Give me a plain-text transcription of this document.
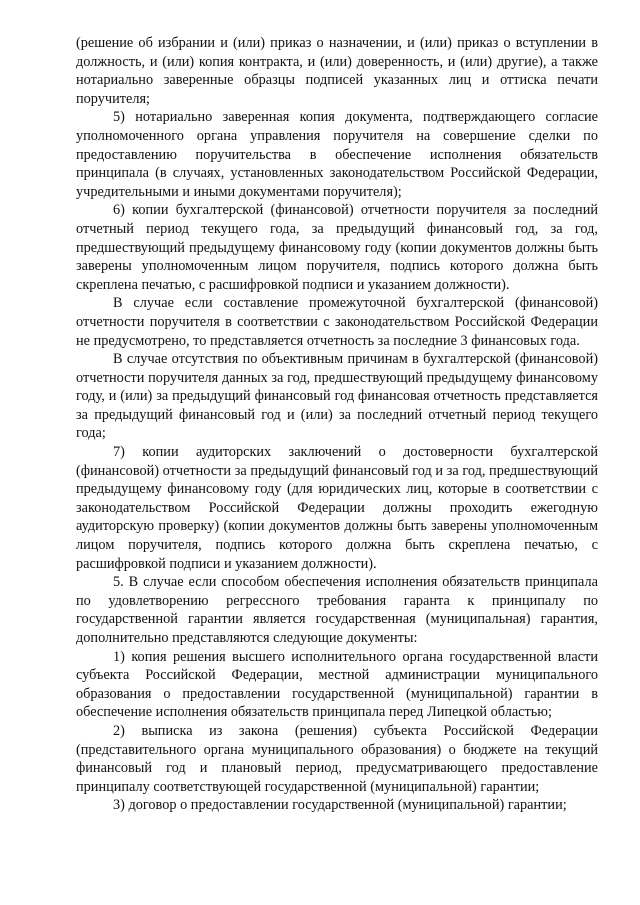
(решение об избрании и (или) приказ о назначении, и (или) приказ о вступлении в должность, и (или) копия контракта, и (или) доверенность, и (или) другие), а также нотариально заверенные образцы подписей указанных лиц и оттиска печати поручителя;

5) нотариально заверенная копия документа, подтверждающего согласие уполномоченного органа управления поручителя на совершение сделки по предоставлению поручительства в обеспечение исполнения обязательств принципала (в случаях, установленных законодательством Российской Федерации, учредительными и иными документами поручителя);

6) копии бухгалтерской (финансовой) отчетности поручителя за последний отчетный период текущего года, за предыдущий финансовый год, за год, предшествующий предыдущему финансовому году (копии документов должны быть заверены уполномоченным лицом поручителя, подпись которого должна быть скреплена печатью, с расшифровкой подписи и указанием должности).

В случае если составление промежуточной бухгалтерской (финансовой) отчетности поручителя в соответствии с законодательством Российской Федерации не предусмотрено, то представляется отчетность за последние 3 финансовых года.

В случае отсутствия по объективным причинам в бухгалтерской (финансовой) отчетности поручителя данных за год, предшествующий предыдущему финансовому году, и (или) за предыдущий финансовый год финансовая отчетность представляется за предыдущий финансовый год и (или) за последний отчетный период текущего года;

7) копии аудиторских заключений о достоверности бухгалтерской (финансовой) отчетности за предыдущий финансовый год и за год, предшествующий предыдущему финансовому году (для юридических лиц, которые в соответствии с законодательством Российской Федерации должны проходить ежегодную аудиторскую проверку) (копии документов должны быть заверены уполномоченным лицом поручителя, подпись которого должна быть скреплена печатью, с расшифровкой подписи и указанием должности).

5. В случае если способом обеспечения исполнения обязательств принципала по удовлетворению регрессного требования гаранта к принципалу по государственной гарантии является государственная (муниципальная) гарантия, дополнительно представляются следующие документы:

1) копия решения высшего исполнительного органа государственной власти субъекта Российской Федерации, местной администрации муниципального образования о предоставлении государственной (муниципальной) гарантии в обеспечение исполнения обязательств принципала перед Липецкой областью;

2) выписка из закона (решения) субъекта Российской Федерации (представительного органа муниципального образования) о бюджете на текущий финансовый год и плановый период, предусматривающего предоставление принципалу соответствующей государственной (муниципальной) гарантии;

3) договор о предоставлении государственной (муниципальной) гарантии;
